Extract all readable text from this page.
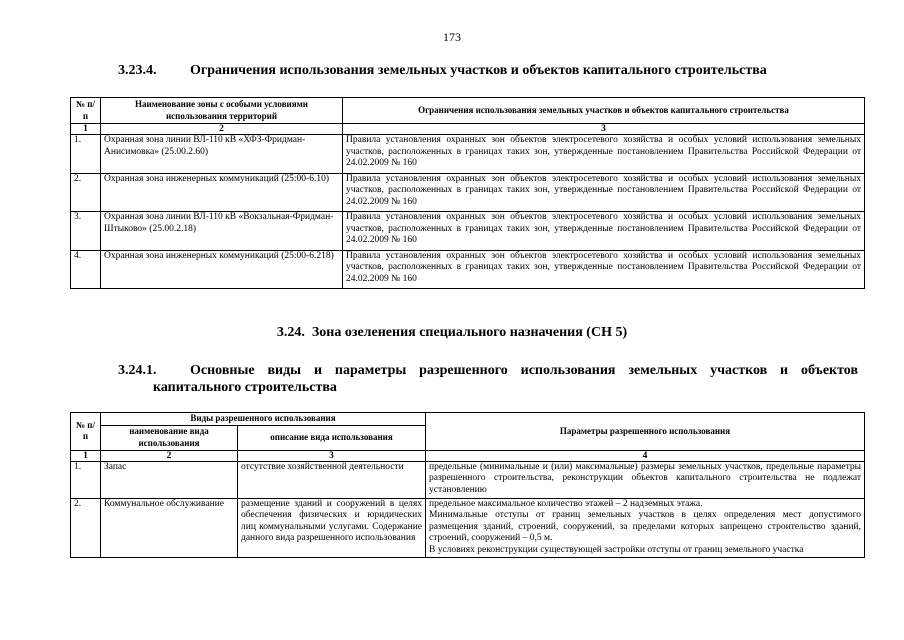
173
3.23.4. Ограничения использования земельных участков и объектов капитального строительства
№ п/п	Наименование зоны с особыми условиями использования территорий	Ограничения использования земельных участков и объектов капитального строительства
1	2	3
1.	Охранная зона линии ВЛ-110 кВ «ХФЗ-Фридман-Анисимовка» (25.00.2.60)	Правила установления охранных зон объектов электросетевого хозяйства и особых условий использования земельных участков, расположенных в границах таких зон, утвержденные постановлением Правительства Российской Федерации от 24.02.2009 № 160
2.	Охранная зона инженерных коммуникаций (25:00-6.10)	Правила установления охранных зон объектов электросетевого хозяйства и особых условий использования земельных участков, расположенных в границах таких зон, утвержденные постановлением Правительства Российской Федерации от 24.02.2009 № 160
3.	Охранная зона линии ВЛ-110 кВ «Вокзальная-Фридман-Штыково» (25.00.2.18)	Правила установления охранных зон объектов электросетевого хозяйства и особых условий использования земельных участков, расположенных в границах таких зон, утвержденные постановлением Правительства Российской Федерации от 24.02.2009 № 160
4.	Охранная зона инженерных коммуникаций (25:00-6.218)	Правила установления охранных зон объектов электросетевого хозяйства и особых условий использования земельных участков, расположенных в границах таких зон, утвержденные постановлением Правительства Российской Федерации от 24.02.2009 № 160
3.24. Зона озеленения специального назначения (СН 5)
3.24.1.	Основные виды и параметры разрешенного использования земельных участков и объектов
капитального строительства
№ п/п	Виды разрешенного использования		Параметры разрешенного использования
	наименование вида использования	описание вида использования	
1	2	3	4
1.	Запас	отсутствие хозяйственной деятельности	предельные (минимальные и (или) максимальные) размеры земельных участков, предельные параметры разрешенного строительства, реконструкции объектов капитального строительства не подлежат установлению
2.	Коммунальное обслуживание	размещение зданий и сооружений в целях обеспечения физических и юридических лиц коммунальными услугами. Содержание данного вида разрешенного использования	предельное максимальное количество этажей – 2 надземных этажа.
Минимальные отступы от границ земельных участков в целях определения мест допустимого размещения зданий, строений, сооружений, за пределами которых запрещено строительство зданий, строений, сооружений – 0,5 м.
В условиях реконструкции существующей застройки отступы от границ земельного участка
